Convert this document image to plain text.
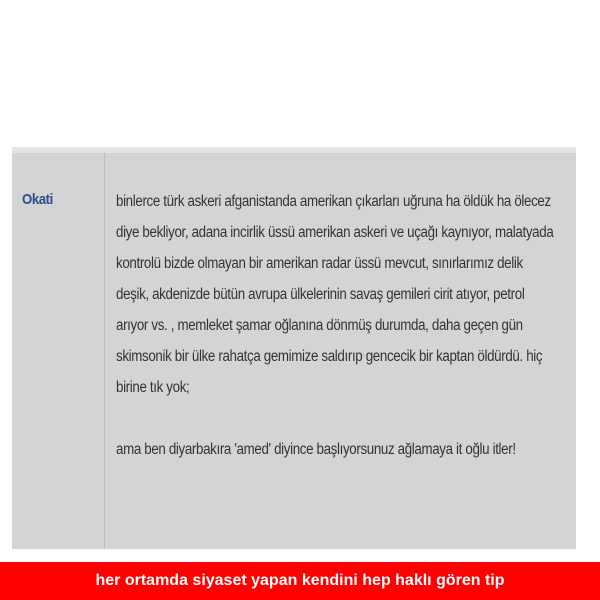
Okati	binlerce türk askeri afganistanda amerikan çıkarları uğruna ha öldük ha ölecez

diye bekliyor, adana incirlik üssü amerikan askeri ve uçağı kaynıyor, malatyada

kontrolü bizde olmayan bir amerikan radar üssü mevcut, sınırlarımız delik

deşik, akdenizde bütün avrupa ülkelerinin savaş gemileri cirit atıyor, petrol

arıyor vs. , memleket şamar oğlanına dönmüş durumda, daha geçen gün

skimsonik bir ülke rahatça gemimize saldırıp gencecik bir kaptan öldürdü. hiç

birine tık yok;

ama ben diyarbakıra 'amed' diyince başlıyorsunuz ağlamaya it oğlu itler!

her ortamda siyaset yapan kendini hep haklı gören tip
